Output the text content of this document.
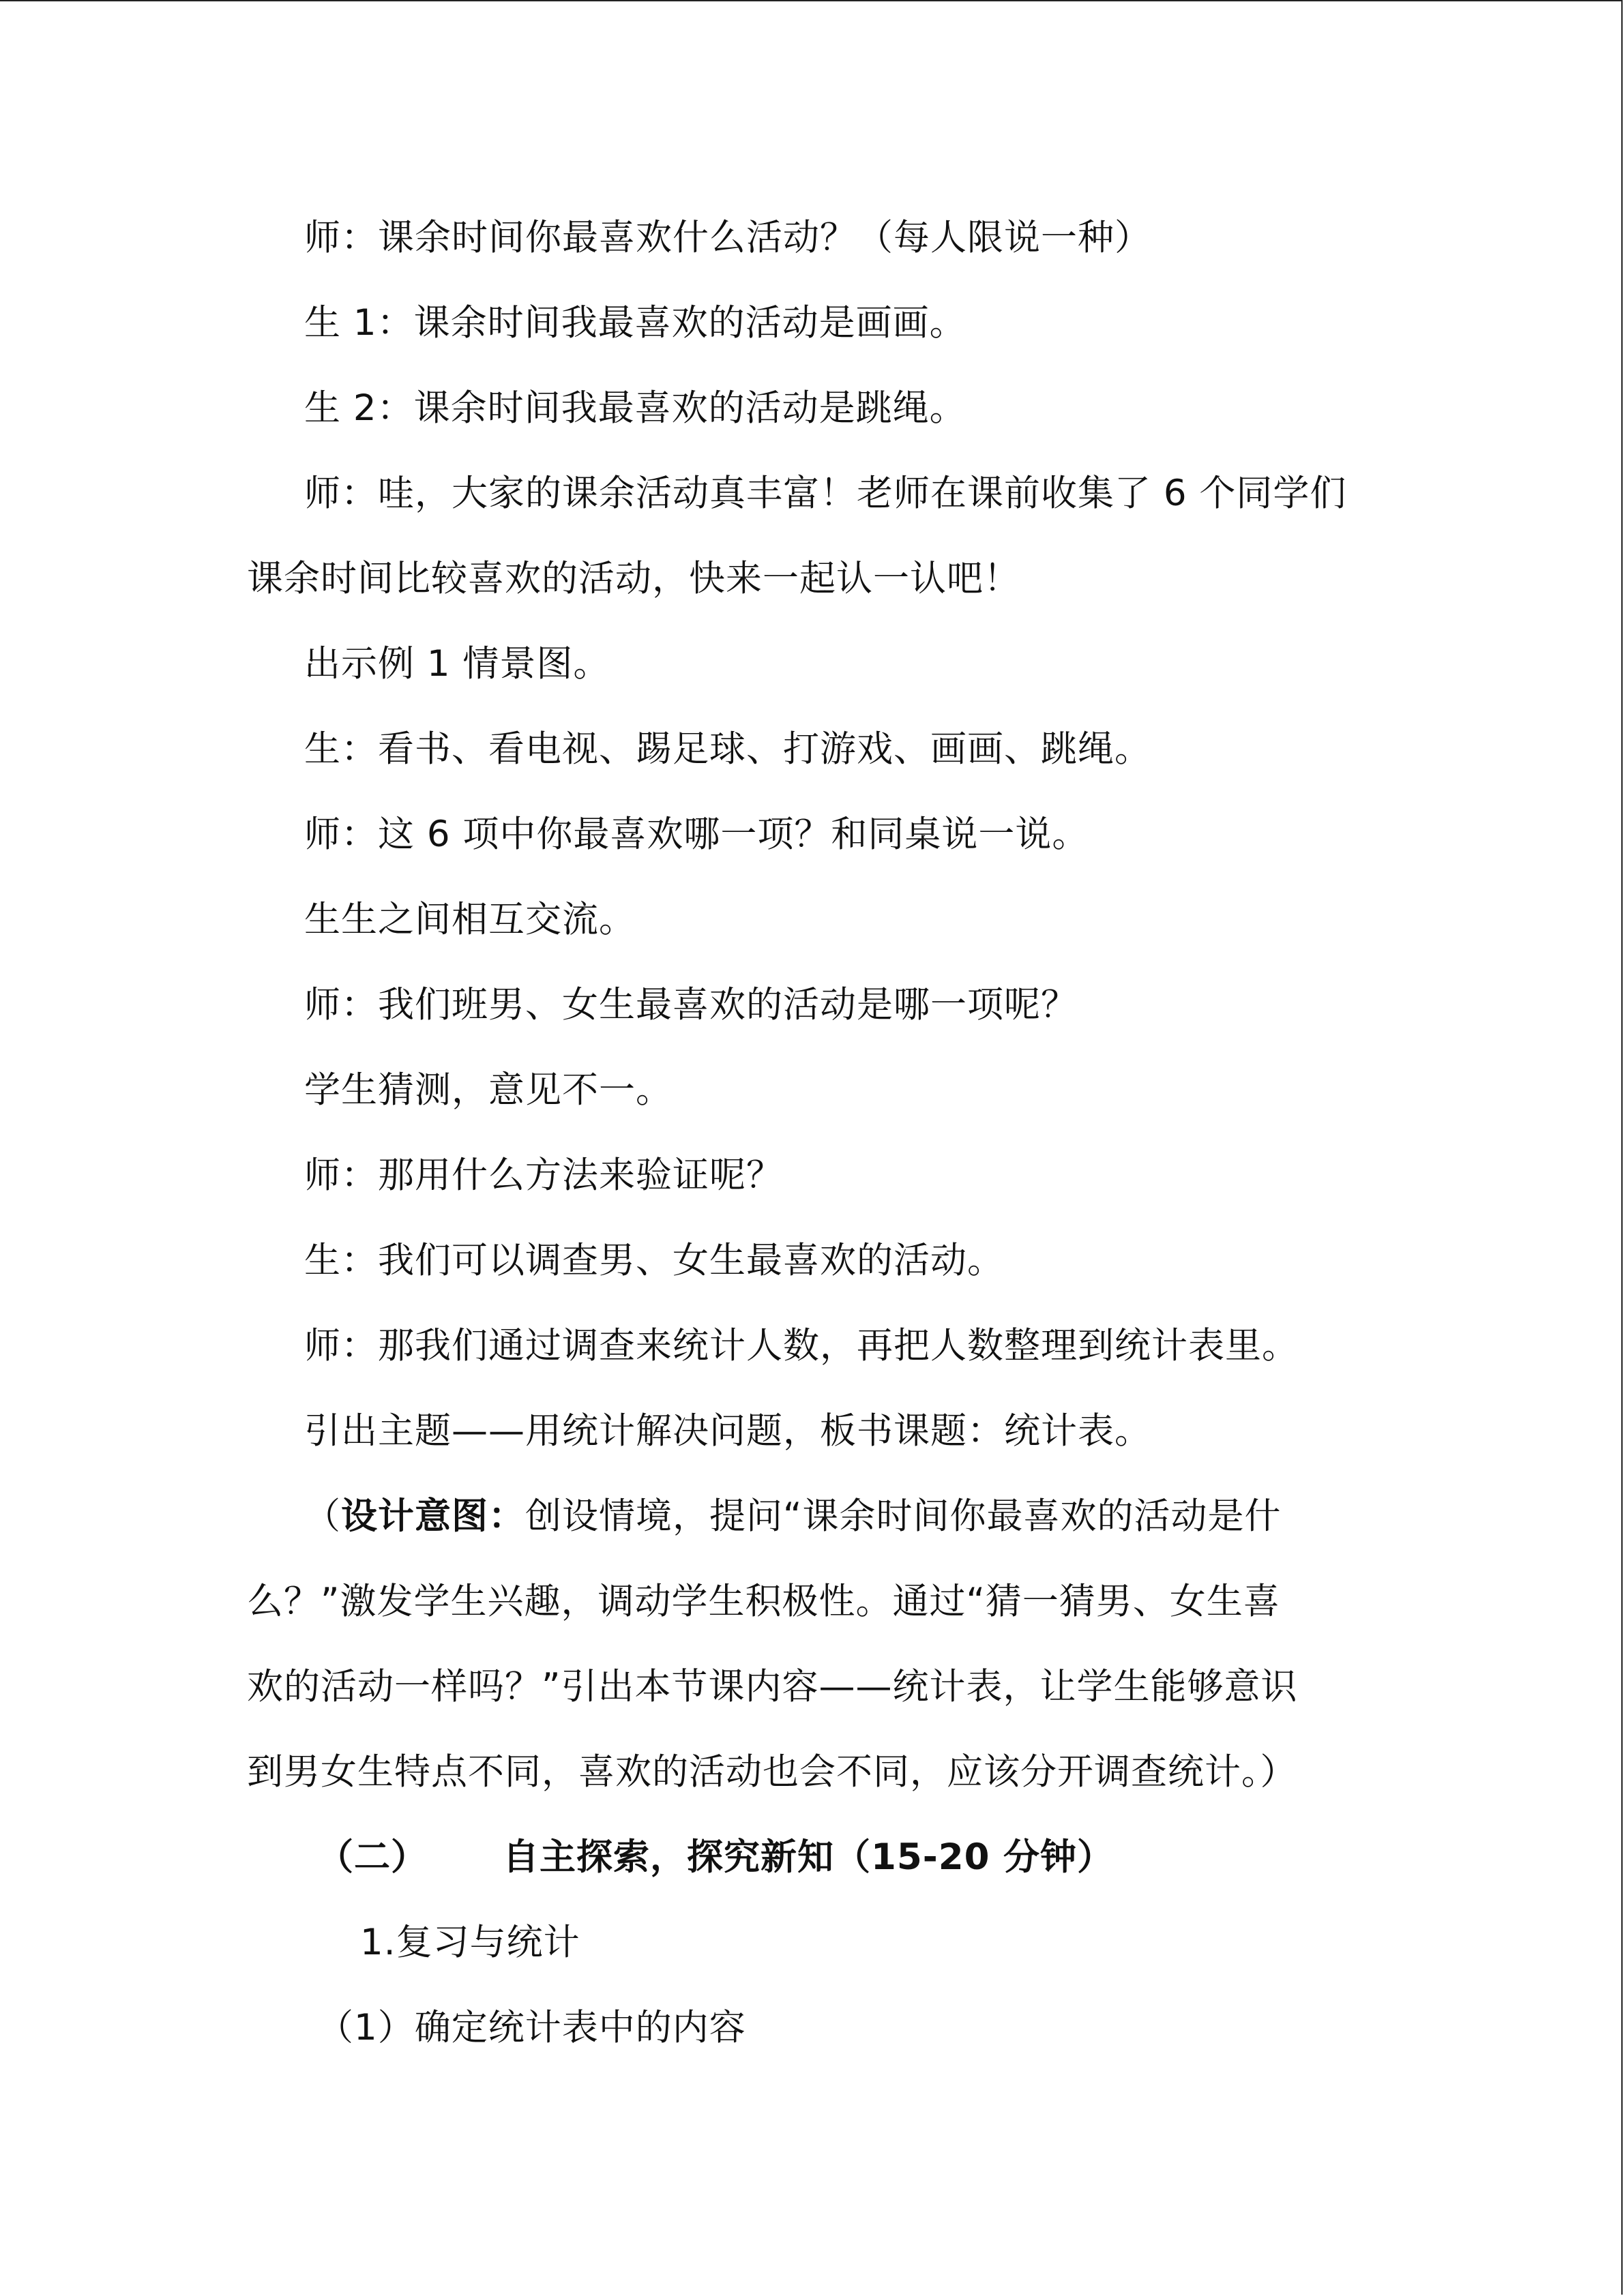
师：课余时间你最喜欢什么活动？（每人限说一种）
生 1：课余时间我最喜欢的活动是画画。
生 2：课余时间我最喜欢的活动是跳绳。
师：哇，大家的课余活动真丰富！老师在课前收集了 6 个同学们
课余时间比较喜欢的活动，快来一起认一认吧！
出示例 1 情景图。
生：看书、看电视、踢足球、打游戏、画画、跳绳。
师：这 6 项中你最喜欢哪一项？和同桌说一说。
生生之间相互交流。
师：我们班男、女生最喜欢的活动是哪一项呢？
学生猜测，意见不一。
师：那用什么方法来验证呢？
生：我们可以调查男、女生最喜欢的活动。
师：那我们通过调查来统计人数，再把人数整理到统计表里。
引出主题——用统计解决问题，板书课题：统计表。
（设计意图：创设情境，提问“课余时间你最喜欢的活动是什
么？”激发学生兴趣，调动学生积极性。通过“猜一猜男、女生喜
欢的活动一样吗？”引出本节课内容——统计表，让学生能够意识
到男女生特点不同，喜欢的活动也会不同，应该分开调查统计。）
（二） 自主探索，探究新知（15-20 分钟）
1.复习与统计
（1）确定统计表中的内容
